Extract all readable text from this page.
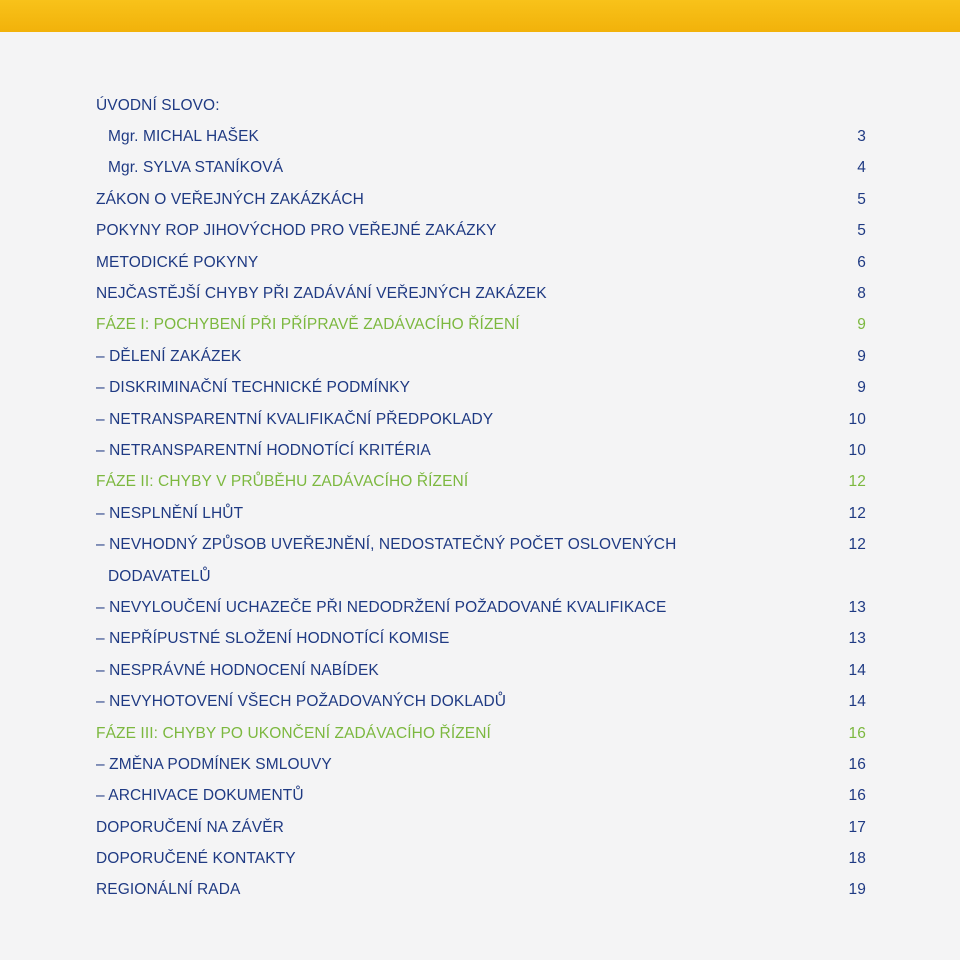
ÚVODNÍ SLOVO:
Mgr. MICHAL HAŠEK	3
Mgr. SYLVA STANÍKOVÁ	4
ZÁKON O VEŘEJNÝCH ZAKÁZKÁCH	5
POKYNY ROP JIHOVÝCHOD PRO VEŘEJNÉ ZAKÁZKY	5
METODICKÉ POKYNY	6
NEJČASTĚJŠÍ CHYBY PŘI ZADÁVÁNÍ VEŘEJNÝCH ZAKÁZEK	8
FÁZE I: POCHYBENÍ PŘI PŘÍPRAVĚ ZADÁVACÍHO ŘÍZENÍ	9
– DĚLENÍ ZAKÁZEK	9
– DISKRIMINAČNÍ TECHNICKÉ PODMÍNKY	9
– NETRANSPARENTNÍ KVALIFIKAČNÍ PŘEDPOKLADY	10
– NETRANSPARENTNÍ HODNOTÍCÍ KRITÉRIA	10
FÁZE II: CHYBY V PRŮBĚHU ZADÁVACÍHO ŘÍZENÍ	12
– NESPLNĚNÍ LHŮT	12
– NEVHODNÝ ZPŮSOB UVEŘEJNĚNÍ, NEDOSTATEČNÝ POČET OSLOVENÝCH	12
DODAVATELŮ
– NEVYLOUČENÍ UCHAZEČE PŘI NEDODRŽENÍ POŽADOVANÉ KVALIFIKACE	13
– NEPŘÍPUSTNÉ SLOŽENÍ HODNOTÍCÍ KOMISE	13
– NESPRÁVNÉ HODNOCENÍ NABÍDEK	14
– NEVYHOTOVENÍ VŠECH POŽADOVANÝCH DOKLADŮ	14
FÁZE III: CHYBY PO UKONČENÍ ZADÁVACÍHO ŘÍZENÍ	16
– ZMĚNA PODMÍNEK SMLOUVY	16
– ARCHIVACE DOKUMENTŮ	16
DOPORUČENÍ NA ZÁVĚR	17
DOPORUČENÉ KONTAKTY	18
REGIONÁLNÍ RADA	19
